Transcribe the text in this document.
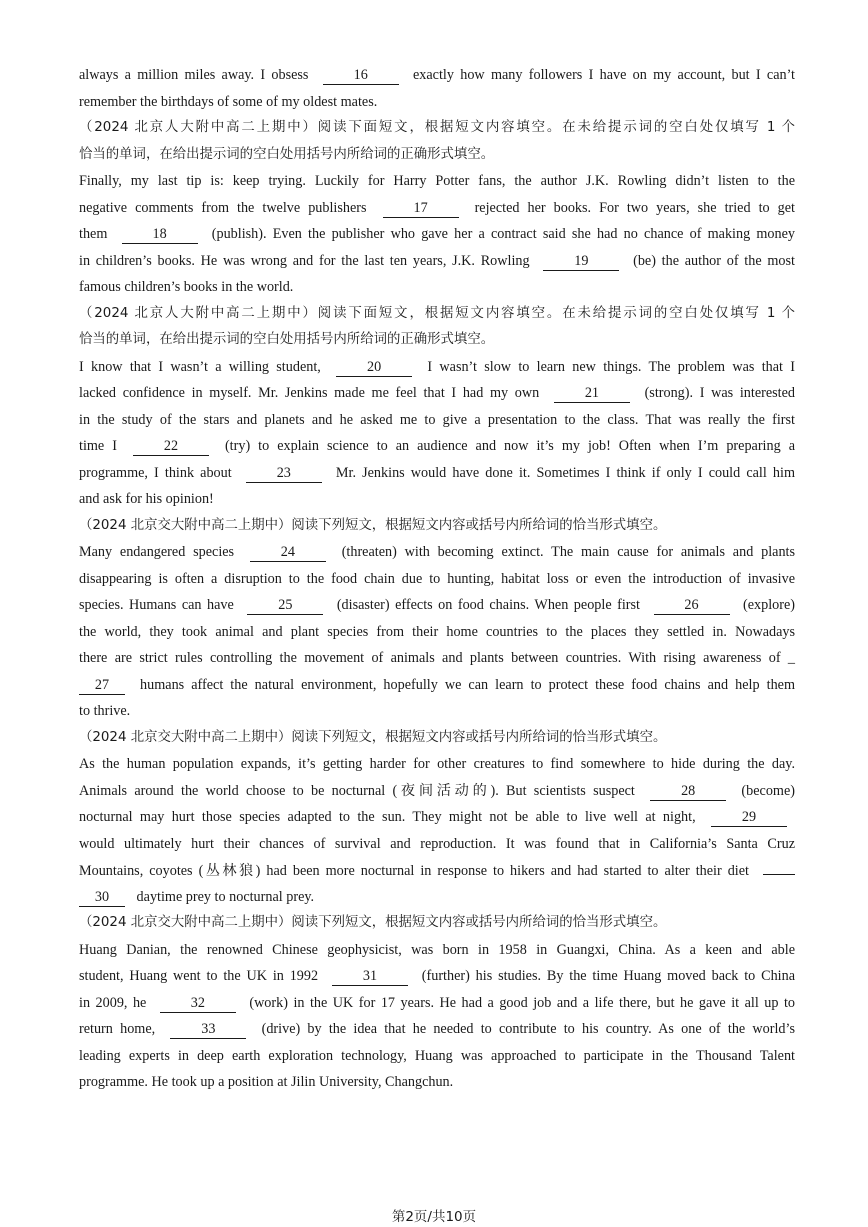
always a million miles away. I obsess	16	exactly how many followers I have on my account, but I can’t
remember the birthdays of some of my oldest mates.
（2024 北京人大附中高二上期中）阅读下面短文，根据短文内容填空。在未给提示词的空白处仅填写 1 个
恰当的单词，在给出提示词的空白处用括号内所给词的正确形式填空。
Finally, my last tip is: keep trying. Luckily for Harry Potter fans, the author J.K. Rowling didn’t listen to the
negative comments from the twelve publishers	17	rejected her books. For two years, she tried to get
them	18	(publish). Even the publisher who gave her a contract said she had no chance of making money
in children’s books. He was wrong and for the last ten years, J.K. Rowling	19	(be) the author of the most
famous children’s books in the world.
（2024 北京人大附中高二上期中）阅读下面短文，根据短文内容填空。在未给提示词的空白处仅填写 1 个
恰当的单词，在给出提示词的空白处用括号内所给词的正确形式填空。
I know that I wasn’t a willing student,	20	I wasn’t slow to learn new things. The problem was that I
lacked confidence in myself. Mr. Jenkins made me feel that I had my own	21	(strong). I was interested
in the study of the stars and planets and he asked me to give a presentation to the class. That was really the first
time I	22	(try) to explain science to an audience and now it’s my job! Often when I’m preparing a
programme, I think about	23	Mr. Jenkins would have done it. Sometimes I think if only I could call him
and ask for his opinion!
（2024 北京交大附中高二上期中）阅读下列短文，根据短文内容或括号内所给词的恰当形式填空。
Many endangered species	24	(threaten) with becoming extinct. The main cause for animals and plants
disappearing is often a disruption to the food chain due to hunting, habitat loss or even the introduction of invasive
species. Humans can have	25	(disaster) effects on food chains. When people first	26	(explore)
the world, they took animal and plant species from their home countries to the places they settled in. Nowadays
there are strict rules controlling the movement of animals and plants between countries. With rising awareness of _
27 humans affect the natural environment, hopefully we can learn to protect these food chains and help them
to thrive.
（2024 北京交大附中高二上期中）阅读下列短文，根据短文内容或括号内所给词的恰当形式填空。
As the human population expands, it’s getting harder for other creatures to find somewhere to hide during the day.
Animals around the world choose to be nocturnal (夜间活动的). But scientists suspect	28	(become)
nocturnal may hurt those species adapted to the sun. They might not be able to live well at night,	29
would ultimately hurt their chances of survival and reproduction. It was found that in California’s Santa Cruz
Mountains, coyotes (丛林狼) had been more nocturnal in response to hikers and had started to alter their diet
30 daytime prey to nocturnal prey.
（2024 北京交大附中高二上期中）阅读下列短文，根据短文内容或括号内所给词的恰当形式填空。
Huang Danian, the renowned Chinese geophysicist, was born in 1958 in Guangxi, China. As a keen and able
student, Huang went to the UK in 1992	31	(further) his studies. By the time Huang moved back to China
in 2009, he	32	(work) in the UK for 17 years. He had a good job and a life there, but he gave it all up to
return home,	33	(drive) by the idea that he needed to contribute to his country. As one of the world’s
leading experts in deep earth exploration technology, Huang was approached to participate in the Thousand Talent
programme. He took up a position at Jilin University, Changchun.
第2页/共10页
